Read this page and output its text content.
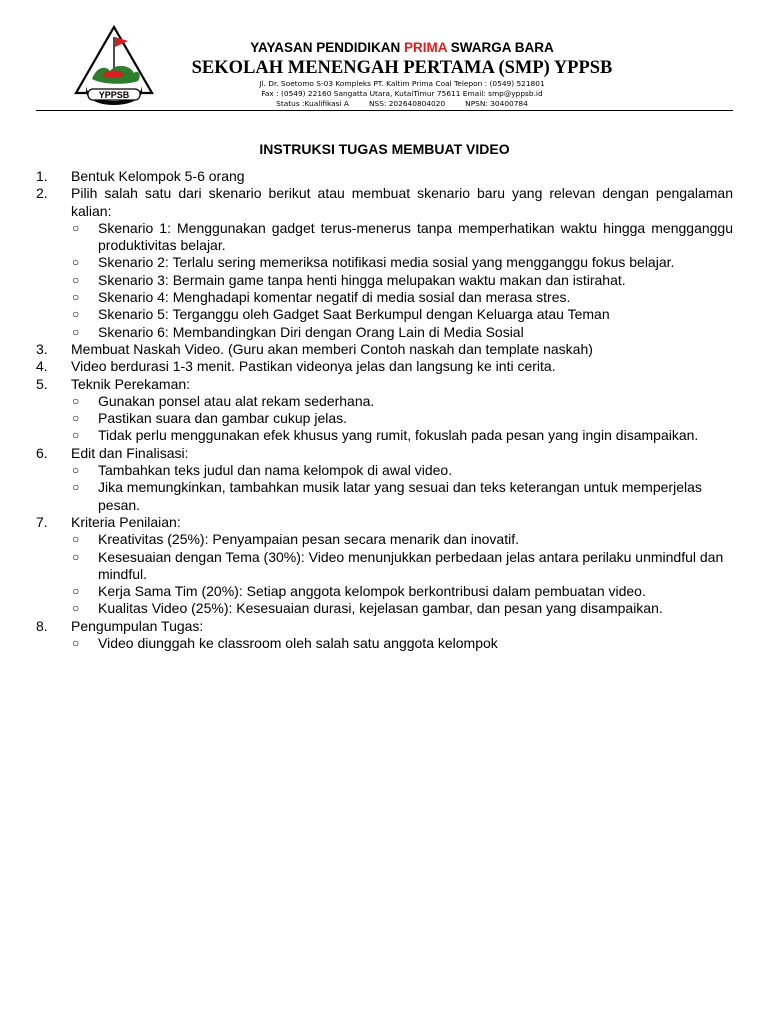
YPPSB
YAYASAN PENDIDIKAN PRIMA SWARGA BARA
SEKOLAH MENENGAH PERTAMA (SMP) YPPSB
Jl. Dr. Soetomo S-03 Kompleks PT. Kaltim Prima Coal Telepon : (0549) 521801
Fax : (0549) 22160 Sangatta Utara, KutaiTimur 75611 Email: smp@yppsb.id
Status :Kualifikasi A	NSS: 202640804020	NPSN: 30400784
INSTRUKSI TUGAS MEMBUAT VIDEO
1. Bentuk Kelompok 5-6 orang
2. Pilih salah satu dari skenario berikut atau membuat skenario baru yang relevan dengan pengalaman kalian:
○ Skenario 1: Menggunakan gadget terus-menerus tanpa memperhatikan waktu hingga mengganggu produktivitas belajar.
○ Skenario 2: Terlalu sering memeriksa notifikasi media sosial yang mengganggu fokus belajar.
○ Skenario 3: Bermain game tanpa henti hingga melupakan waktu makan dan istirahat.
○ Skenario 4: Menghadapi komentar negatif di media sosial dan merasa stres.
○ Skenario 5: Terganggu oleh Gadget Saat Berkumpul dengan Keluarga atau Teman
○ Skenario 6: Membandingkan Diri dengan Orang Lain di Media Sosial
3. Membuat Naskah Video. (Guru akan memberi Contoh naskah dan template naskah)
4. Video berdurasi 1-3 menit. Pastikan videonya jelas dan langsung ke inti cerita.
5. Teknik Perekaman:
○ Gunakan ponsel atau alat rekam sederhana.
○ Pastikan suara dan gambar cukup jelas.
○ Tidak perlu menggunakan efek khusus yang rumit, fokuslah pada pesan yang ingin disampaikan.
6. Edit dan Finalisasi:
○ Tambahkan teks judul dan nama kelompok di awal video.
○ Jika memungkinkan, tambahkan musik latar yang sesuai dan teks keterangan untuk memperjelas pesan.
7. Kriteria Penilaian:
○ Kreativitas (25%): Penyampaian pesan secara menarik dan inovatif.
○ Kesesuaian dengan Tema (30%): Video menunjukkan perbedaan jelas antara perilaku unmindful dan mindful.
○ Kerja Sama Tim (20%): Setiap anggota kelompok berkontribusi dalam pembuatan video.
○ Kualitas Video (25%): Kesesuaian durasi, kejelasan gambar, dan pesan yang disampaikan.
8. Pengumpulan Tugas:
○ Video diunggah ke classroom oleh salah satu anggota kelompok
